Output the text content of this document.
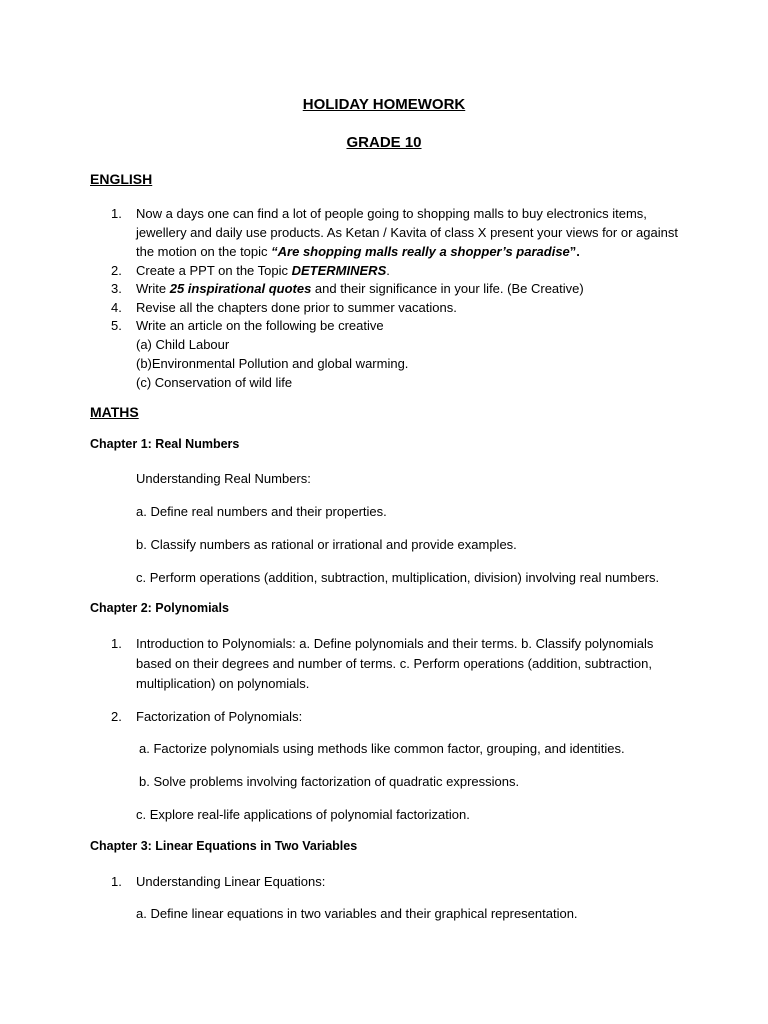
HOLIDAY HOMEWORK
GRADE 10
ENGLISH
1. Now a days one can find a lot of people going to shopping malls to buy electronics items,
jewellery and daily use products. As Ketan / Kavita of class X present your views for or against
the motion on the topic “Are shopping malls really a shopper’s paradise”.
2. Create a PPT on the Topic DETERMINERS.
3. Write 25 inspirational quotes and their significance in your life. (Be Creative)
4. Revise all the chapters done prior to summer vacations.
5. Write an article on the following be creative
(a) Child Labour
(b)Environmental Pollution and global warming.
(c) Conservation of wild life
MATHS
Chapter 1: Real Numbers
Understanding Real Numbers:
a. Define real numbers and their properties.
b. Classify numbers as rational or irrational and provide examples.
c. Perform operations (addition, subtraction, multiplication, division) involving real numbers.
Chapter 2: Polynomials
1. Introduction to Polynomials: a. Define polynomials and their terms. b. Classify polynomials
based on their degrees and number of terms. c. Perform operations (addition, subtraction,
multiplication) on polynomials.
2. Factorization of Polynomials:
a. Factorize polynomials using methods like common factor, grouping, and identities.
b. Solve problems involving factorization of quadratic expressions.
c. Explore real-life applications of polynomial factorization.
Chapter 3: Linear Equations in Two Variables
1. Understanding Linear Equations:
a. Define linear equations in two variables and their graphical representation.
